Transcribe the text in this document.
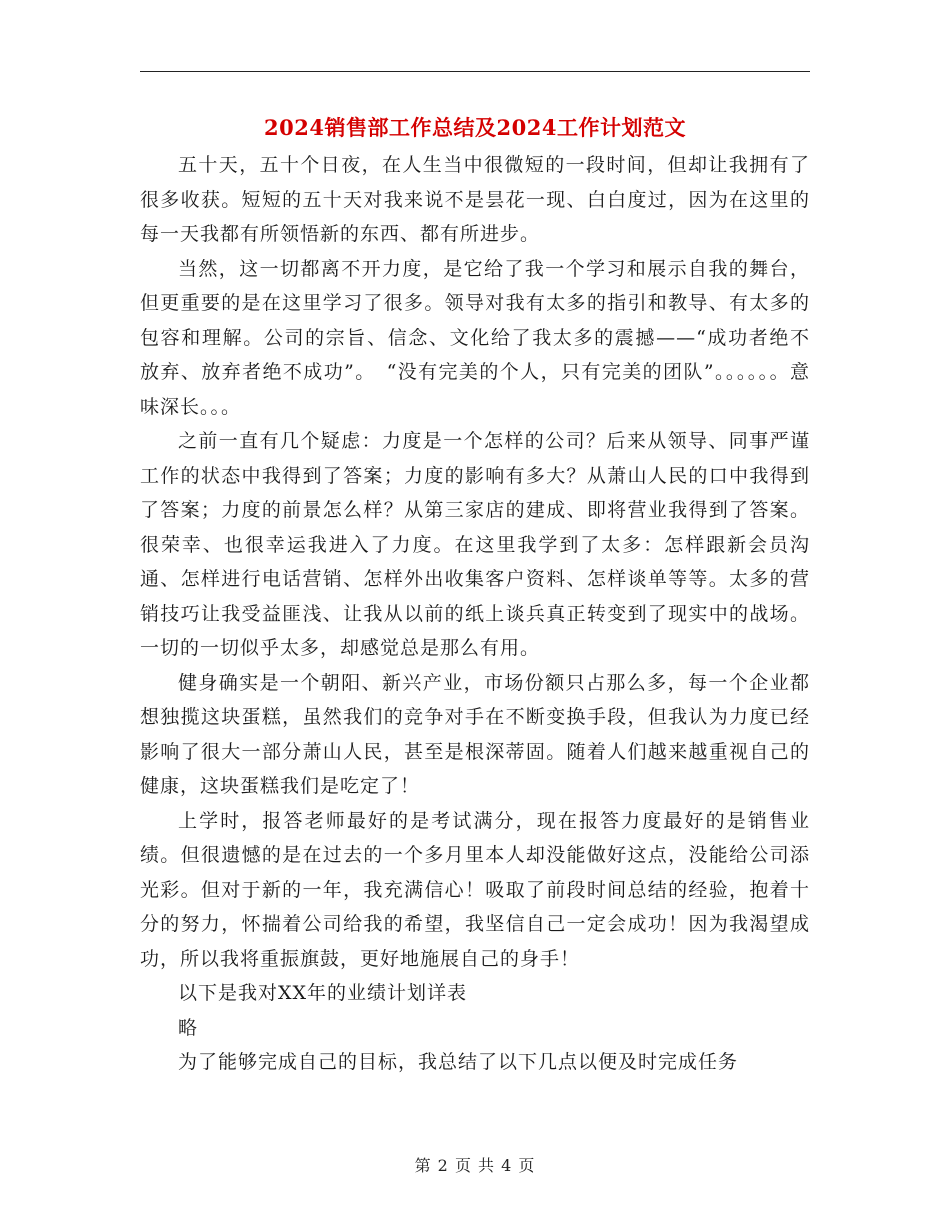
2024销售部工作总结及2024工作计划范文

五十天，五十个日夜，在人生当中很微短的一段时间，但却让我拥有了很多收获。短短的五十天对我来说不是昙花一现、白白度过，因为在这里的每一天我都有所领悟新的东西、都有所进步。

当然，这一切都离不开力度，是它给了我一个学习和展示自我的舞台，但更重要的是在这里学习了很多。领导对我有太多的指引和教导、有太多的包容和理解。公司的宗旨、信念、文化给了我太多的震撼——“成功者绝不放弃、放弃者绝不成功”。　“没有完美的个人，只有完美的团队”。。。。。。意味深长。。。

之前一直有几个疑虑：力度是一个怎样的公司？后来从领导、同事严谨工作的状态中我得到了答案；力度的影响有多大？从萧山人民的口中我得到了答案；力度的前景怎么样？从第三家店的建成、即将营业我得到了答案。很荣幸、也很幸运我进入了力度。在这里我学到了太多：怎样跟新会员沟通、怎样进行电话营销、怎样外出收集客户资料、怎样谈单等等。太多的营销技巧让我受益匪浅、让我从以前的纸上谈兵真正转变到了现实中的战场。一切的一切似乎太多，却感觉总是那么有用。

健身确实是一个朝阳、新兴产业，市场份额只占那么多，每一个企业都想独揽这块蛋糕，虽然我们的竞争对手在不断变换手段，但我认为力度已经影响了很大一部分萧山人民，甚至是根深蒂固。随着人们越来越重视自己的健康，这块蛋糕我们是吃定了！

上学时，报答老师最好的是考试满分，现在报答力度最好的是销售业绩。但很遗憾的是在过去的一个多月里本人却没能做好这点，没能给公司添光彩。但对于新的一年，我充满信心！吸取了前段时间总结的经验，抱着十分的努力，怀揣着公司给我的希望，我坚信自己一定会成功！因为我渴望成功，所以我将重振旗鼓，更好地施展自己的身手！

以下是我对XX年的业绩计划详表

略

为了能够完成自己的目标，我总结了以下几点以便及时完成任务

第 2 页 共 4 页
